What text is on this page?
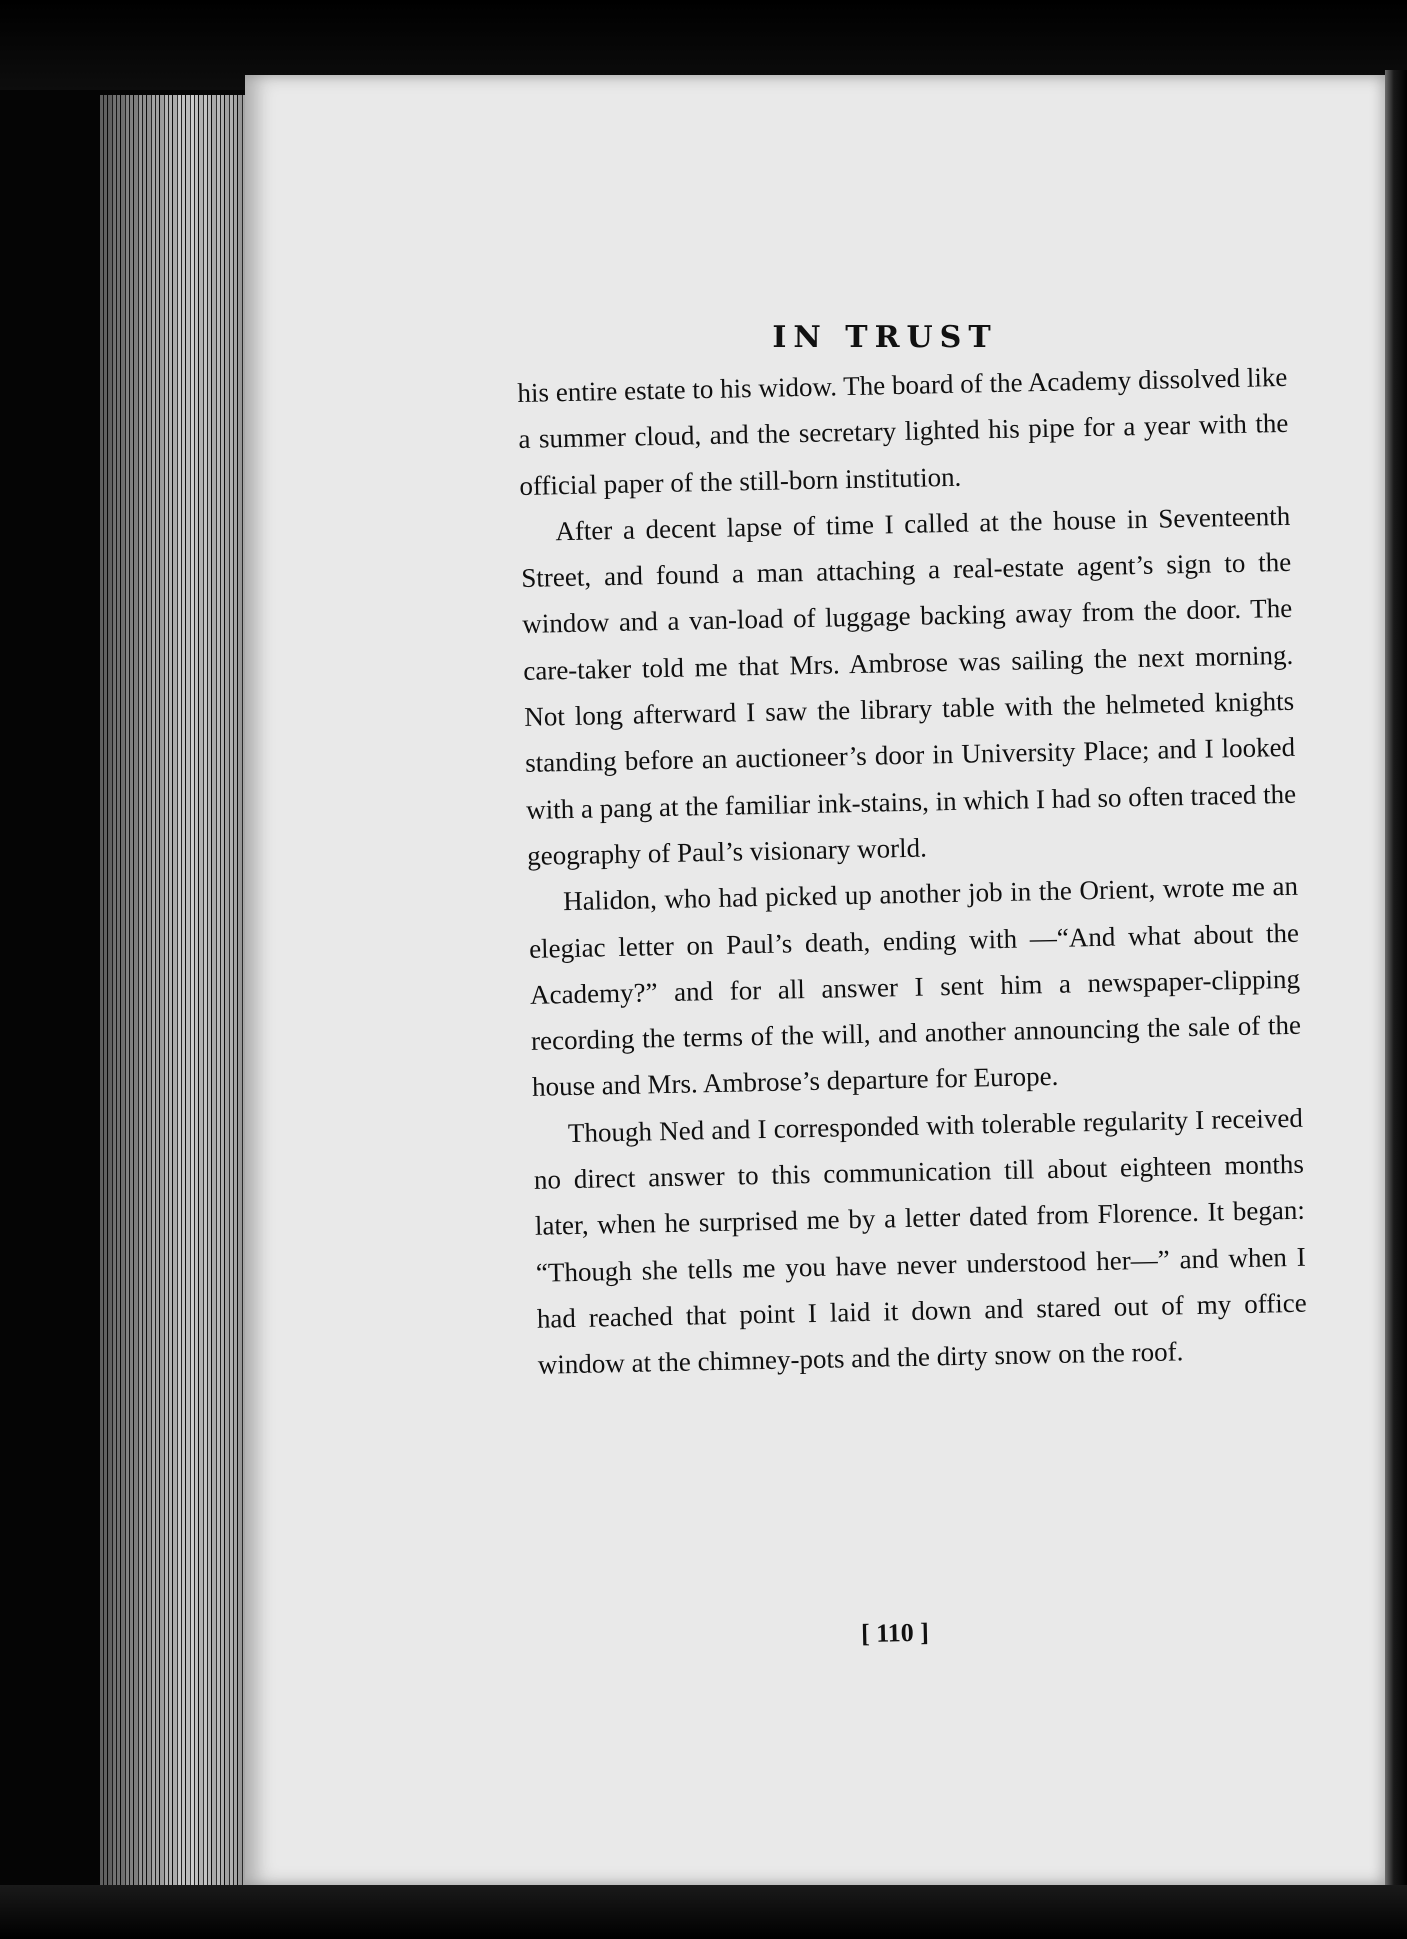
IN TRUST

his entire estate to his widow. The board of the Academy dissolved like a summer cloud, and the secretary lighted his pipe for a year with the official paper of the still-born institution.

After a decent lapse of time I called at the house in Seventeenth Street, and found a man attaching a real-estate agent’s sign to the window and a van-load of luggage backing away from the door. The care-taker told me that Mrs. Ambrose was sailing the next morning. Not long afterward I saw the library table with the helmeted knights standing before an auctioneer’s door in University Place; and I looked with a pang at the familiar ink-stains, in which I had so often traced the geography of Paul’s visionary world.

Halidon, who had picked up another job in the Orient, wrote me an elegiac letter on Paul’s death, ending with —“And what about the Academy?” and for all answer I sent him a newspaper-clipping recording the terms of the will, and another announcing the sale of the house and Mrs. Ambrose’s departure for Europe.

Though Ned and I corresponded with tolerable regularity I received no direct answer to this communication till about eighteen months later, when he surprised me by a letter dated from Florence. It began: “Though she tells me you have never understood her—” and when I had reached that point I laid it down and stared out of my office window at the chimney-pots and the dirty snow on the roof.

[ 110 ]
